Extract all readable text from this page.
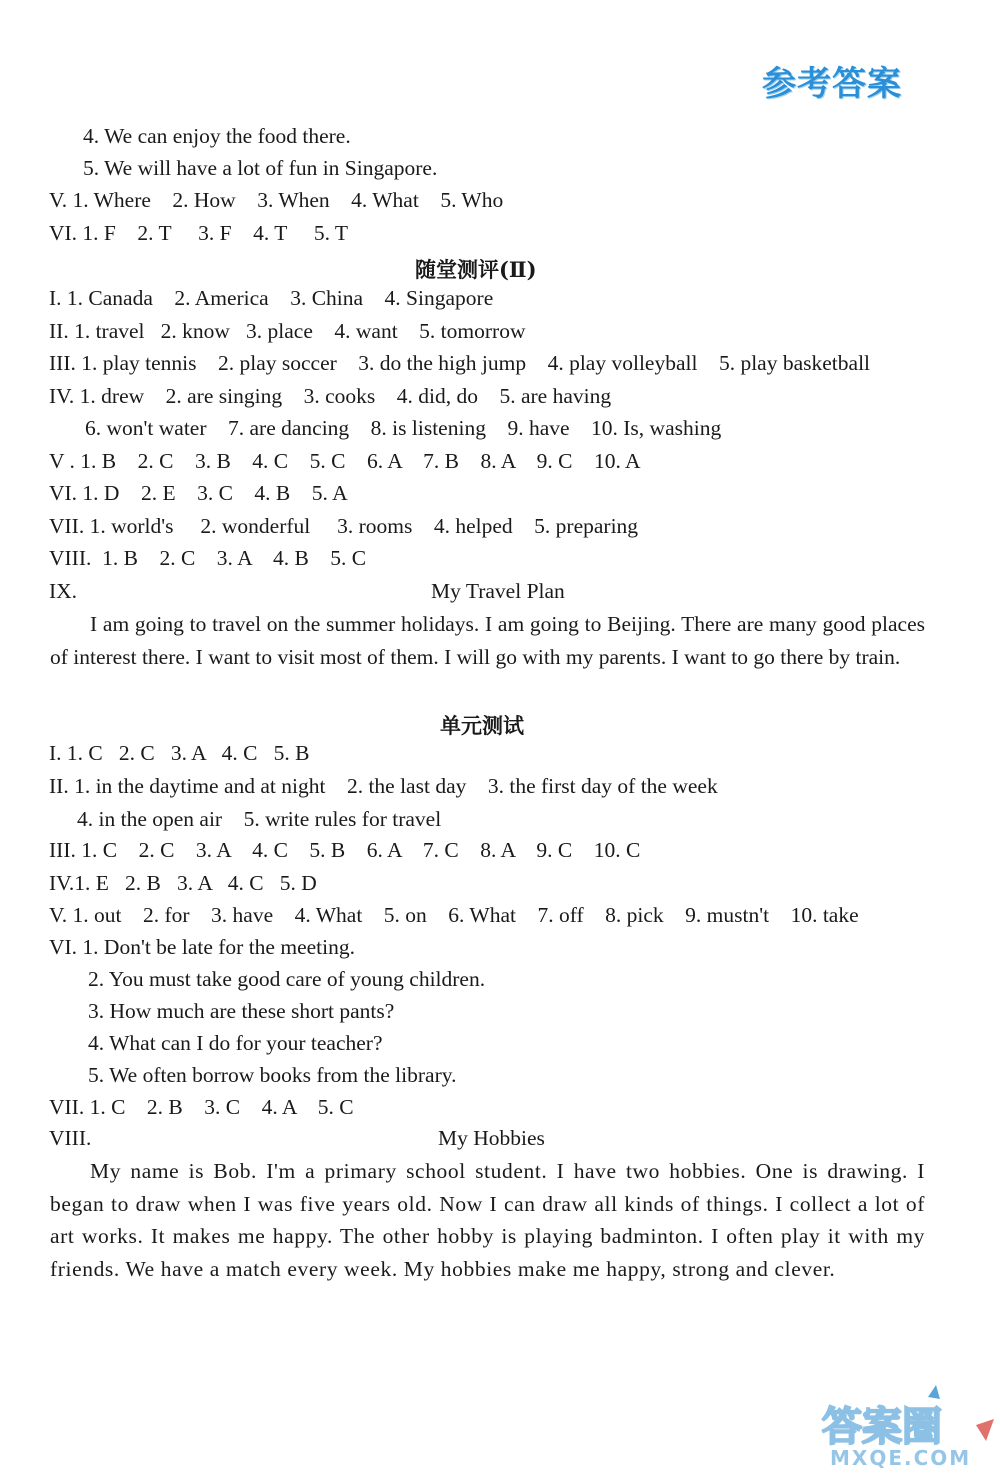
参考答案
4. We can enjoy the food there.
5. We will have a lot of fun in Singapore.
V. 1. Where    2. How    3. When    4. What    5. Who
VI. 1. F    2. T     3. F    4. T     5. T
随堂测评(Ⅱ)
I. 1. Canada    2. America    3. China    4. Singapore
II. 1. travel   2. know   3. place    4. want    5. tomorrow
III. 1. play tennis    2. play soccer    3. do the high jump    4. play volleyball    5. play basketball
IV. 1. drew    2. are singing    3. cooks    4. did, do    5. are having
6. won't water    7. are dancing    8. is listening    9. have    10. Is, washing
V . 1. B    2. C    3. B    4. C    5. C    6. A    7. B    8. A    9. C    10. A
VI. 1. D    2. E    3. C    4. B    5. A
VII. 1. world's     2. wonderful     3. rooms    4. helped    5. preparing
VIII.  1. B    2. C    3. A    4. B    5. C
IX.	My Travel Plan
I am going to travel on the summer holidays. I am going to Beijing. There are many good places of interest there. I want to visit most of them. I will go with my parents. I want to go there by train.
单元测试
I. 1. C   2. C   3. A   4. C   5. B
II. 1. in the daytime and at night    2. the last day    3. the first day of the week
4. in the open air    5. write rules for travel
III. 1. C    2. C    3. A    4. C    5. B    6. A    7. C    8. A    9. C    10. C
IV.1. E   2. B   3. A   4. C   5. D
V. 1. out    2. for    3. have    4. What    5. on    6. What    7. off    8. pick    9. mustn't    10. take
VI. 1. Don't be late for the meeting.
2. You must take good care of young children.
3. How much are these short pants?
4. What can I do for your teacher?
5. We often borrow books from the library.
VII. 1. C    2. B    3. C    4. A    5. C
VIII.	My Hobbies
My name is Bob. I'm a primary school student. I have two hobbies. One is drawing. I began to draw when I was five years old. Now I can draw all kinds of things. I collect a lot of art works. It makes me happy. The other hobby is playing badminton. I often play it with my friends. We have a match every week. My hobbies make me happy, strong and clever.
答案圈
MXQE.COM
